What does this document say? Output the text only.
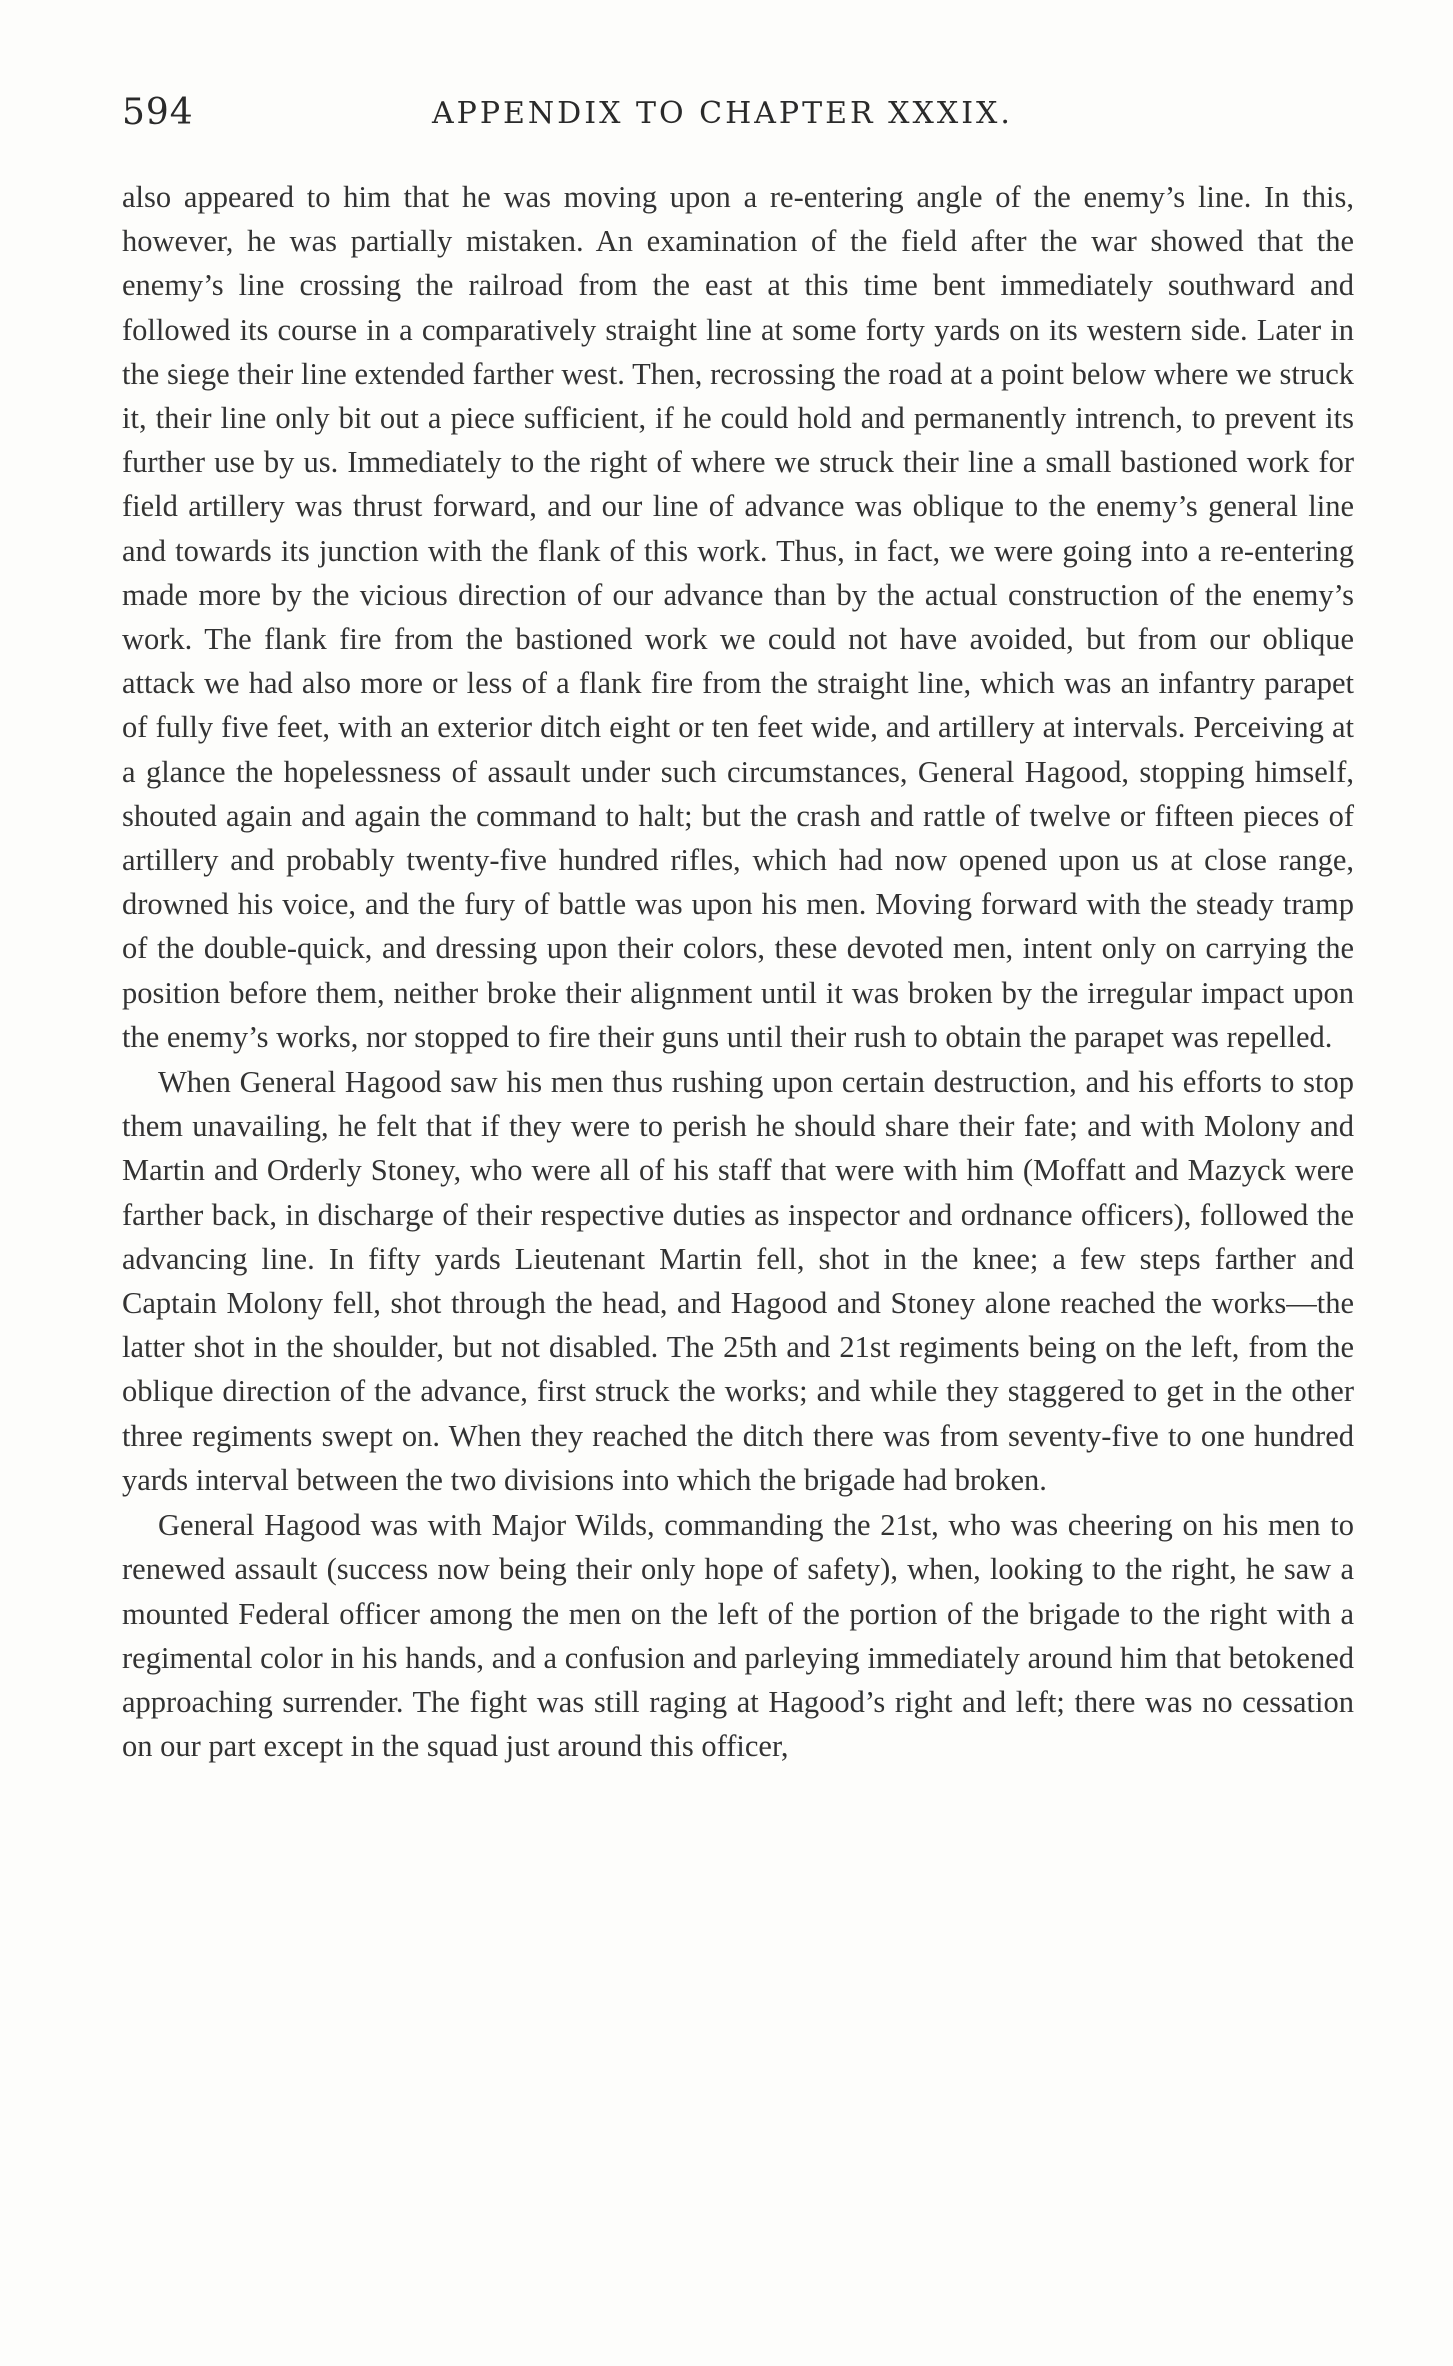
594	APPENDIX TO CHAPTER XXXIX.

also appeared to him that he was moving upon a re-entering angle of the enemy’s line. In this, however, he was partially mistaken. An examination of the field after the war showed that the enemy’s line crossing the railroad from the east at this time bent immediately southward and followed its course in a comparatively straight line at some forty yards on its western side. Later in the siege their line extended farther west. Then, recrossing the road at a point below where we struck it, their line only bit out a piece sufficient, if he could hold and permanently intrench, to prevent its further use by us. Immediately to the right of where we struck their line a small bastioned work for field artillery was thrust forward, and our line of advance was oblique to the enemy’s general line and towards its junction with the flank of this work. Thus, in fact, we were going into a re-entering made more by the vicious direction of our advance than by the actual construction of the enemy’s work. The flank fire from the bastioned work we could not have avoided, but from our oblique attack we had also more or less of a flank fire from the straight line, which was an infantry parapet of fully five feet, with an exterior ditch eight or ten feet wide, and artillery at intervals. Perceiving at a glance the hopelessness of assault under such circumstances, General Hagood, stopping himself, shouted again and again the command to halt; but the crash and rattle of twelve or fifteen pieces of artillery and probably twenty-five hundred rifles, which had now opened upon us at close range, drowned his voice, and the fury of battle was upon his men. Moving forward with the steady tramp of the double-quick, and dressing upon their colors, these devoted men, intent only on carrying the position before them, neither broke their alignment until it was broken by the irregular impact upon the enemy’s works, nor stopped to fire their guns until their rush to obtain the parapet was repelled.

When General Hagood saw his men thus rushing upon certain destruction, and his efforts to stop them unavailing, he felt that if they were to perish he should share their fate; and with Molony and Martin and Orderly Stoney, who were all of his staff that were with him (Moffatt and Mazyck were farther back, in discharge of their respective duties as inspector and ordnance officers), followed the advancing line. In fifty yards Lieutenant Martin fell, shot in the knee; a few steps farther and Captain Molony fell, shot through the head, and Hagood and Stoney alone reached the works—the latter shot in the shoulder, but not disabled. The 25th and 21st regiments being on the left, from the oblique direction of the advance, first struck the works; and while they staggered to get in the other three regiments swept on. When they reached the ditch there was from seventy-five to one hundred yards interval between the two divisions into which the brigade had broken.

General Hagood was with Major Wilds, commanding the 21st, who was cheering on his men to renewed assault (success now being their only hope of safety), when, looking to the right, he saw a mounted Federal officer among the men on the left of the portion of the brigade to the right with a regimental color in his hands, and a confusion and parleying immediately around him that betokened approaching surrender. The fight was still raging at Hagood’s right and left; there was no cessation on our part except in the squad just around this officer,
